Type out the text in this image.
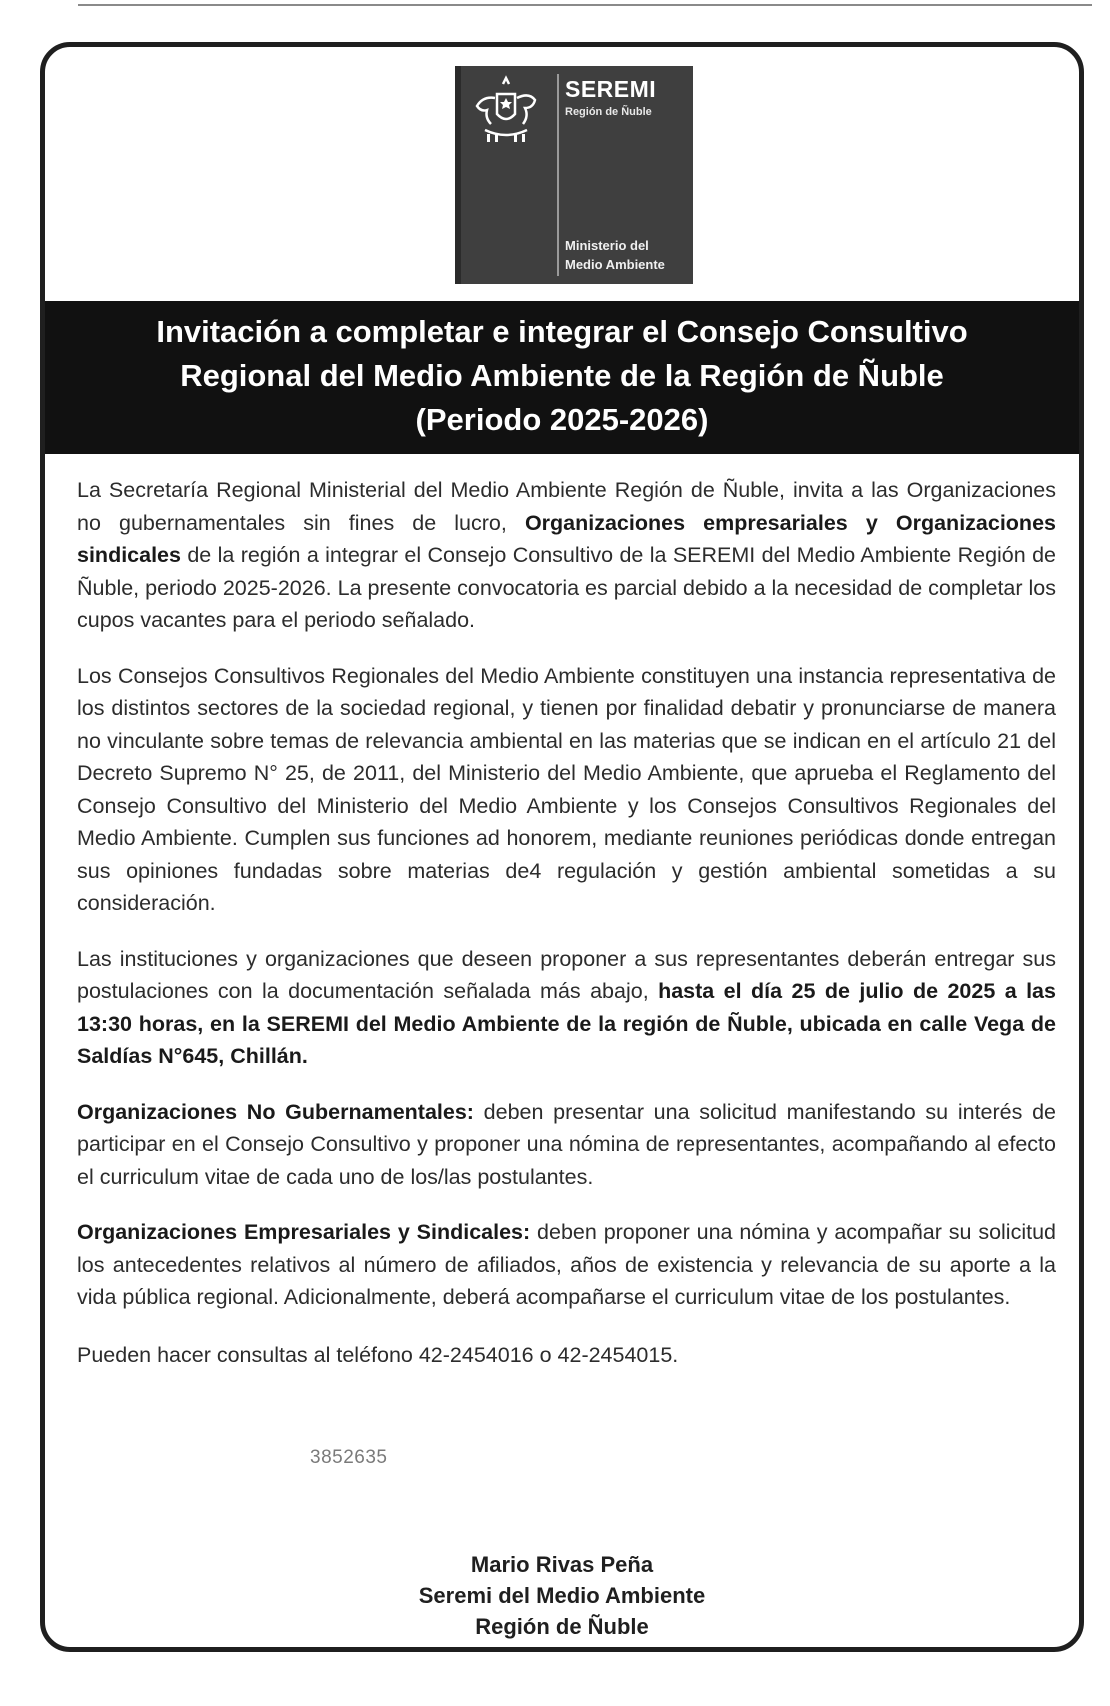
SEREMI
Región de Ñuble
Ministerio del Medio Ambiente
Invitación a completar e integrar el Consejo Consultivo
Regional del Medio Ambiente de la Región de Ñuble
(Periodo 2025-2026)

La Secretaría Regional Ministerial del Medio Ambiente Región de Ñuble, invita a las Organizaciones no gubernamentales sin fines de lucro, Organizaciones empresariales y Organizaciones sindicales de la región a integrar el Consejo Consultivo de la SEREMI del Medio Ambiente Región de Ñuble, periodo 2025-2026. La presente convocatoria es parcial debido a la necesidad de completar los cupos vacantes para el periodo señalado.

Los Consejos Consultivos Regionales del Medio Ambiente constituyen una instancia representativa de los distintos sectores de la sociedad regional, y tienen por finalidad debatir y pronunciarse de manera no vinculante sobre temas de relevancia ambiental en las materias que se indican en el artículo 21 del Decreto Supremo N° 25, de 2011, del Ministerio del Medio Ambiente, que aprueba el Reglamento del Consejo Consultivo del Ministerio del Medio Ambiente y los Consejos Consultivos Regionales del Medio Ambiente. Cumplen sus funciones ad honorem, mediante reuniones periódicas donde entregan sus opiniones fundadas sobre materias de4 regulación y gestión ambiental sometidas a su consideración.

Las instituciones y organizaciones que deseen proponer a sus representantes deberán entregar sus postulaciones con la documentación señalada más abajo, hasta el día 25 de julio de 2025 a las 13:30 horas, en la SEREMI del Medio Ambiente de la región de Ñuble, ubicada en calle Vega de Saldías N°645, Chillán.

Organizaciones No Gubernamentales: deben presentar una solicitud manifestando su interés de participar en el Consejo Consultivo y proponer una nómina de representantes, acompañando al efecto el curriculum vitae de cada uno de los/las postulantes.

Organizaciones Empresariales y Sindicales: deben proponer una nómina y acompañar su solicitud los antecedentes relativos al número de afiliados, años de existencia y relevancia de su aporte a la vida pública regional. Adicionalmente, deberá acompañarse el curriculum vitae de los postulantes.

Pueden hacer consultas al teléfono 42-2454016 o 42-2454015.

3852635
Mario Rivas Peña
Seremi del Medio Ambiente
Región de Ñuble
